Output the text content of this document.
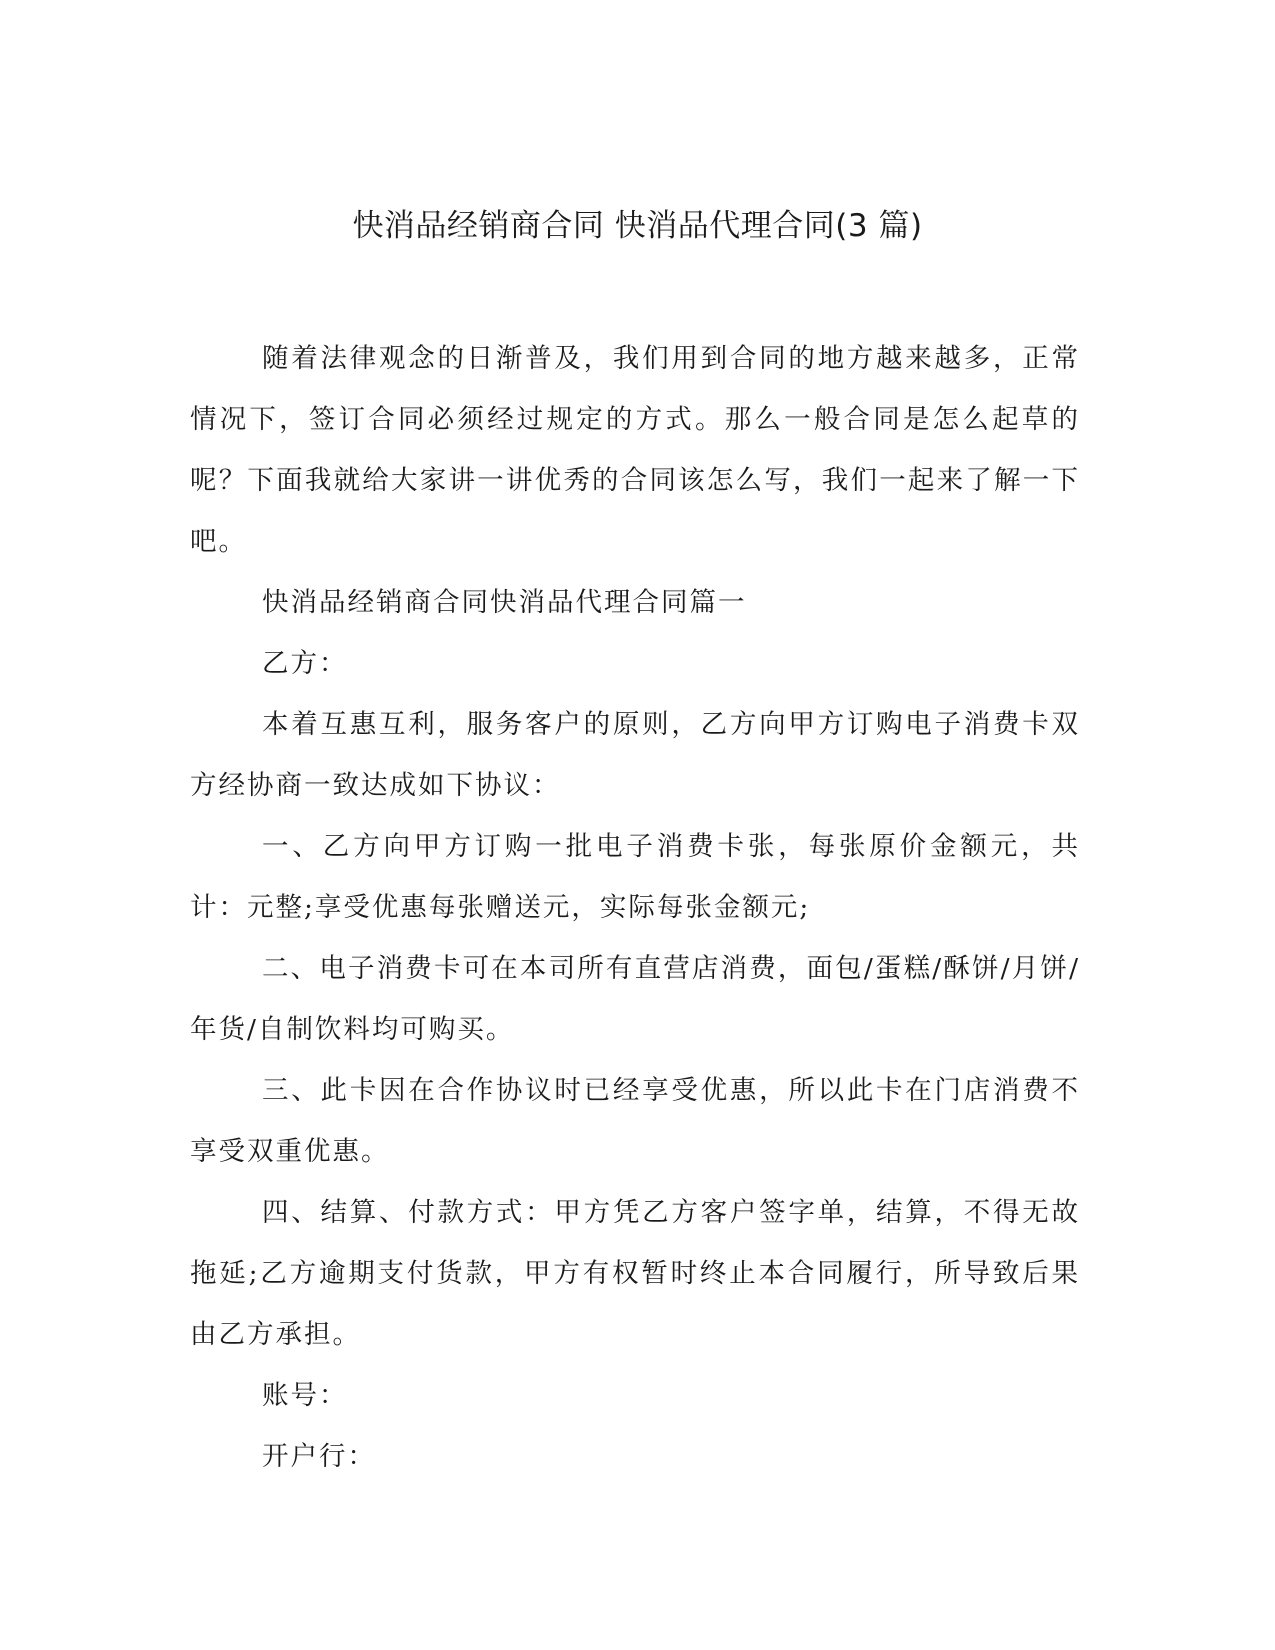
快消品经销商合同 快消品代理合同(3 篇)

随着法律观念的日渐普及，我们用到合同的地方越来越多，正常情况下，签订合同必须经过规定的方式。那么一般合同是怎么起草的呢？下面我就给大家讲一讲优秀的合同该怎么写，我们一起来了解一下吧。

快消品经销商合同快消品代理合同篇一

乙方：

本着互惠互利，服务客户的原则，乙方向甲方订购电子消费卡双方经协商一致达成如下协议：

一、乙方向甲方订购一批电子消费卡张，每张原价金额元，共计：元整;享受优惠每张赠送元，实际每张金额元;

二、电子消费卡可在本司所有直营店消费，面包/蛋糕/酥饼/月饼/年货/自制饮料均可购买。

三、此卡因在合作协议时已经享受优惠，所以此卡在门店消费不享受双重优惠。

四、结算、付款方式：甲方凭乙方客户签字单，结算，不得无故拖延;乙方逾期支付货款，甲方有权暂时终止本合同履行，所导致后果由乙方承担。

账号：

开户行：
